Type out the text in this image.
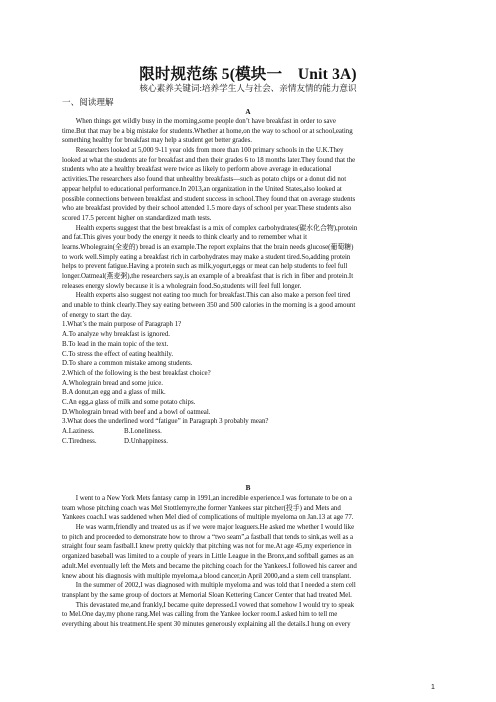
限时规范练 5(模块一　Unit 3A)
核心素养关键词:培养学生人与社会、亲情友情的能力意识
一、阅读理解
A
　　When things get wildly busy in the morning,some people don’t have breakfast in order to save
time.But that may be a big mistake for students.Whether at home,on the way to school or at school,eating
something healthy for breakfast may help a student get better grades.
　　Researchers looked at 5,000 9-11 year olds from more than 100 primary schools in the U.K.They
looked at what the students ate for breakfast and then their grades 6 to 18 months later.They found that the
students who ate a healthy breakfast were twice as likely to perform above average in educational
activities.The researchers also found that unhealthy breakfasts—such as potato chips or a donut did not
appear helpful to educational performance.In 2013,an organization in the United States,also looked at
possible connections between breakfast and student success in school.They found that on average students
who ate breakfast provided by their school attended 1.5 more days of school per year.These students also
scored 17.5 percent higher on standardized math tests.
　　Health experts suggest that the best breakfast is a mix of complex carbohydrates(碳水化合物),protein
and fat.This gives your body the energy it needs to think clearly and to remember what it
learns.Wholegrain(全麦的) bread is an example.The report explains that the brain needs glucose(葡萄糖)
to work well.Simply eating a breakfast rich in carbohydrates may make a student tired.So,adding protein
helps to prevent fatigue.Having a protein such as milk,yogurt,eggs or meat can help students to feel full
longer.Oatmeal(燕麦粥),the researchers say,is an example of a breakfast that is rich in fiber and protein.It
releases energy slowly because it is a wholegrain food.So,students will feel full longer.
　　Health experts also suggest not eating too much for breakfast.This can also make a person feel tired
and unable to think clearly.They say eating between 350 and 500 calories in the morning is a good amount
of energy to start the day.
1.What’s the main purpose of Paragraph 1?
A.To analyze why breakfast is ignored.
B.To lead in the main topic of the text.
C.To stress the effect of eating healthily.
D.To share a common mistake among students.
2.Which of the following is the best breakfast choice?
A.Wholegrain bread and some juice.
B.A donut,an egg and a glass of milk.
C.An egg,a glass of milk and some potato chips.
D.Wholegrain bread with beef and a bowl of oatmeal.
3.What does the underlined word “fatigue” in Paragraph 3 probably mean?
A.Laziness.	B.Loneliness.
C.Tiredness.	D.Unhappiness.
B
　　I went to a New York Mets fantasy camp in 1991,an incredible experience.I was fortunate to be on a
team whose pitching coach was Mel Stottlemyre,the former Yankees star pitcher(投手) and Mets and
Yankees coach.I was saddened when Mel died of complications of multiple myeloma on Jan.13 at age 77.
　　He was warm,friendly and treated us as if we were major leaguers.He asked me whether I would like
to pitch and proceeded to demonstrate how to throw a “two seam”,a fastball that tends to sink,as well as a
straight four seam fastball.I knew pretty quickly that pitching was not for me.At age 45,my experience in
organized baseball was limited to a couple of years in Little League in the Bronx,and softball games as an
adult.Mel eventually left the Mets and became the pitching coach for the Yankees.I followed his career and
knew about his diagnosis with multiple myeloma,a blood cancer,in April 2000,and a stem cell transplant.
　　In the summer of 2002,I was diagnosed with multiple myeloma and was told that I needed a stem cell
transplant by the same group of doctors at Memorial Sloan Kettering Cancer Center that had treated Mel.
　　This devastated me,and frankly,I became quite depressed.I vowed that somehow I would try to speak
to Mel.One day,my phone rang.Mel was calling from the Yankee locker room.I asked him to tell me
everything about his treatment.He spent 30 minutes generously explaining all the details.I hung on every
1
